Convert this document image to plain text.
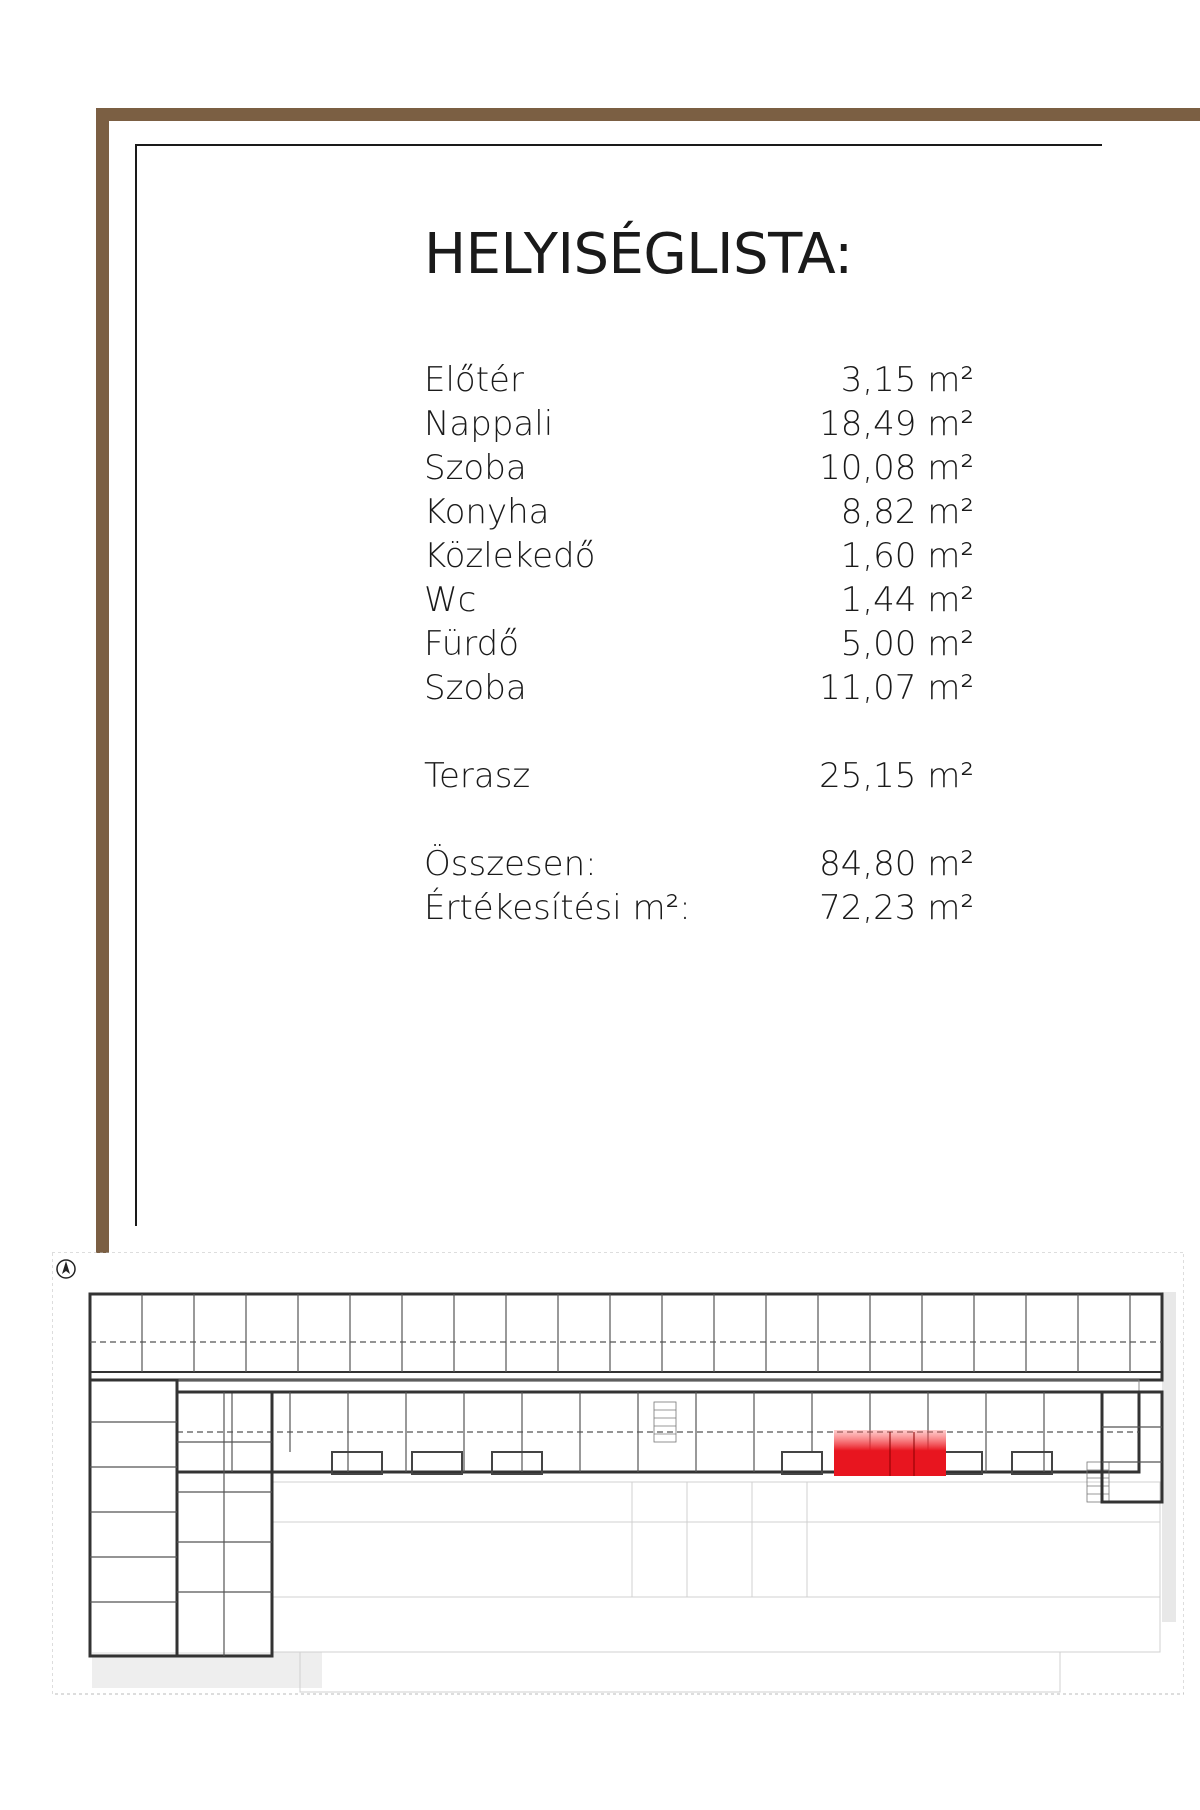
HELYISÉGLISTA:
Előtér	3,15 m²
Nappali	18,49 m²
Szoba	10,08 m²
Konyha	8,82 m²
Közlekedő	1,60 m²
Wc	1,44 m²
Fürdő	5,00 m²
Szoba	11,07 m²
Terasz	25,15 m²
Összesen:	84,80 m²
Értékesítési m²:	72,23 m²
